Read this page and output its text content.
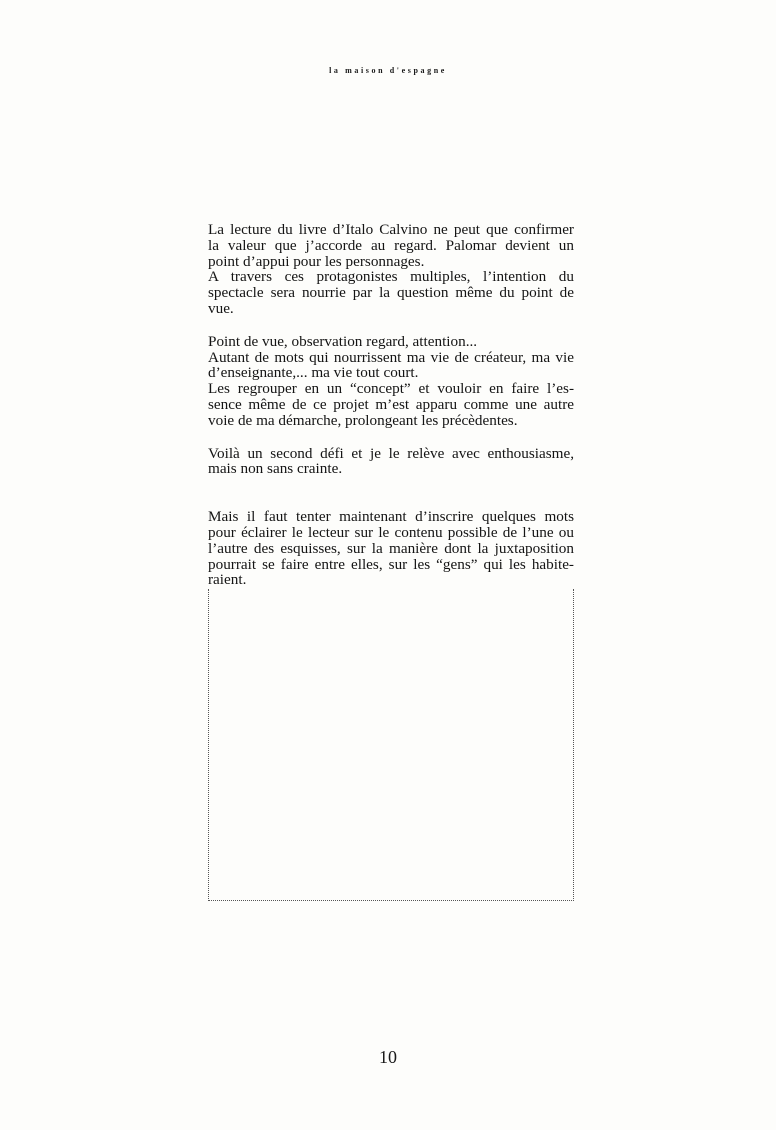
la maison d'espagne

La lecture du livre d’Italo Calvino ne peut que confirmer
la valeur que j’accorde au regard. Palomar devient un
point d’appui pour les personnages.
A travers ces protagonistes multiples, l’intention du
spectacle sera nourrie par la question même du point de
vue.

Point de vue, observation regard, attention...
Autant de mots qui nourrissent ma vie de créateur, ma vie
d’enseignante,... ma vie tout court.
Les regrouper en un “concept” et vouloir en faire l’es-
sence même de ce projet m’est apparu comme une autre
voie de ma démarche, prolongeant les précèdentes.

Voilà un second défi et je le relève avec enthousiasme,
mais non sans crainte.

Mais il faut tenter maintenant d’inscrire quelques mots
pour éclairer le lecteur sur le contenu possible de l’une ou
l’autre des esquisses, sur la manière dont la juxtaposition
pourrait se faire entre elles, sur les “gens” qui les habite-
raient.

10
